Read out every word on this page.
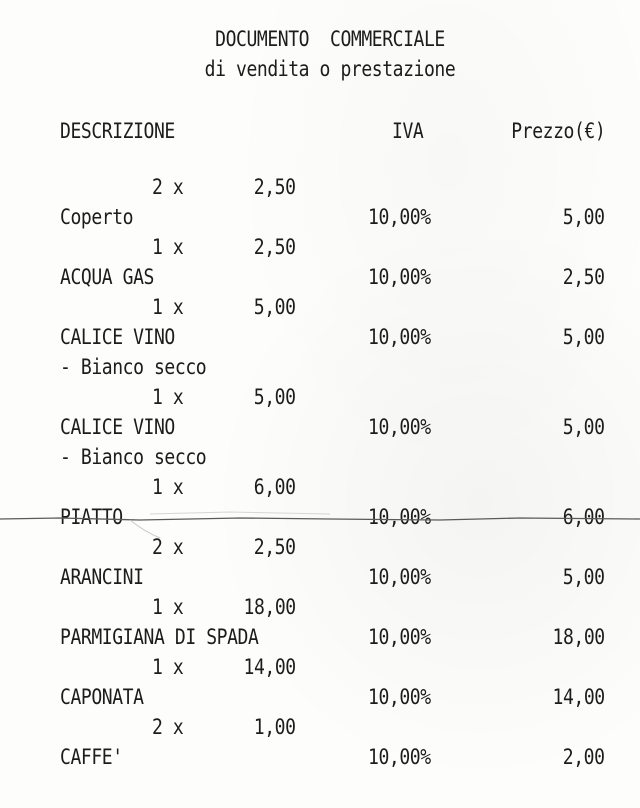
DOCUMENTO  COMMERCIALE
di vendita o prestazione
DESCRIZIONE	IVA	Prezzo(€)
2 x	2,50
Coperto	10,00%	5,00
1 x	2,50
ACQUA GAS	10,00%	2,50
1 x	5,00
CALICE VINO	10,00%	5,00
- Bianco secco
1 x	5,00
CALICE VINO	10,00%	5,00
- Bianco secco
1 x	6,00
PIATTO	10,00%	6,00
2 x	2,50
ARANCINI	10,00%	5,00
1 x	18,00
PARMIGIANA DI SPADA	10,00%	18,00
1 x	14,00
CAPONATA	10,00%	14,00
2 x	1,00
CAFFE'	10,00%	2,00
